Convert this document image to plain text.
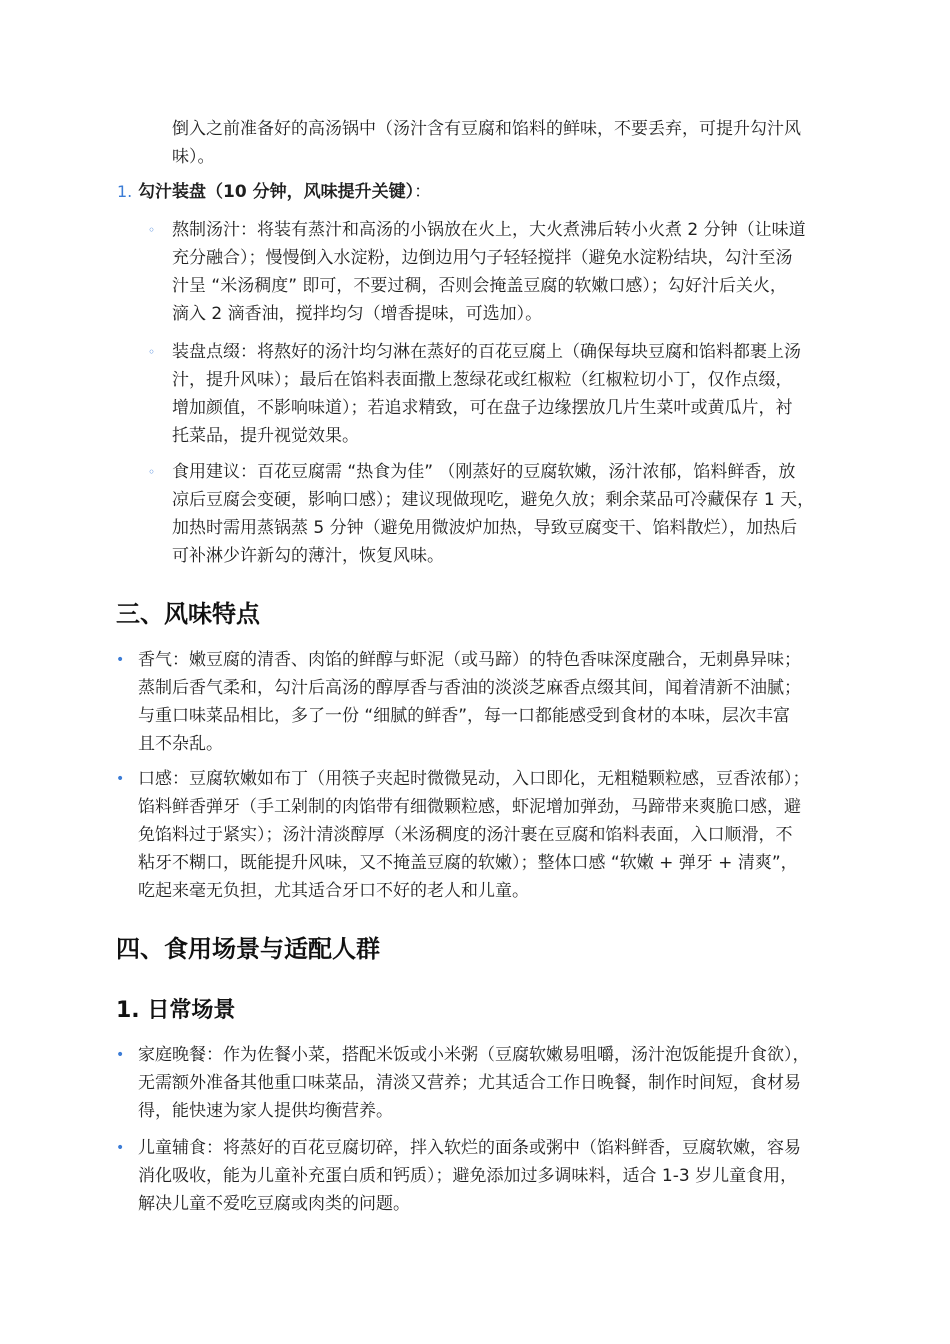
倒入之前准备好的高汤锅中（汤汁含有豆腐和馅料的鲜味，不要丢弃，可提升勾汁风
味）。
1. 勾汁装盘（10 分钟，风味提升关键）：
◦ 熬制汤汁：将装有蒸汁和高汤的小锅放在火上，大火煮沸后转小火煮 2 分钟（让味道
充分融合）；慢慢倒入水淀粉，边倒边用勺子轻轻搅拌（避免水淀粉结块，勾汁至汤
汁呈 “米汤稠度” 即可，不要过稠，否则会掩盖豆腐的软嫩口感）；勾好汁后关火，
滴入 2 滴香油，搅拌均匀（增香提味，可选加）。
◦ 装盘点缀：将熬好的汤汁均匀淋在蒸好的百花豆腐上（确保每块豆腐和馅料都裹上汤
汁，提升风味）；最后在馅料表面撒上葱绿花或红椒粒（红椒粒切小丁，仅作点缀，
增加颜值，不影响味道）；若追求精致，可在盘子边缘摆放几片生菜叶或黄瓜片，衬
托菜品，提升视觉效果。
◦ 食用建议：百花豆腐需 “热食为佳” （刚蒸好的豆腐软嫩，汤汁浓郁，馅料鲜香，放
凉后豆腐会变硬，影响口感）；建议现做现吃，避免久放；剩余菜品可冷藏保存 1 天，
加热时需用蒸锅蒸 5 分钟（避免用微波炉加热，导致豆腐变干、馅料散烂），加热后
可补淋少许新勾的薄汁，恢复风味。
三、风味特点
• 香气：嫩豆腐的清香、肉馅的鲜醇与虾泥（或马蹄）的特色香味深度融合，无刺鼻异味；
蒸制后香气柔和，勾汁后高汤的醇厚香与香油的淡淡芝麻香点缀其间，闻着清新不油腻；
与重口味菜品相比，多了一份 “细腻的鲜香”，每一口都能感受到食材的本味，层次丰富
且不杂乱。
• 口感：豆腐软嫩如布丁（用筷子夹起时微微晃动，入口即化，无粗糙颗粒感，豆香浓郁）；
馅料鲜香弹牙（手工剁制的肉馅带有细微颗粒感，虾泥增加弹劲，马蹄带来爽脆口感，避
免馅料过于紧实）；汤汁清淡醇厚（米汤稠度的汤汁裹在豆腐和馅料表面，入口顺滑，不
粘牙不糊口，既能提升风味，又不掩盖豆腐的软嫩）；整体口感 “软嫩 + 弹牙 + 清爽”，
吃起来毫无负担，尤其适合牙口不好的老人和儿童。
四、食用场景与适配人群
1. 日常场景
• 家庭晚餐：作为佐餐小菜，搭配米饭或小米粥（豆腐软嫩易咀嚼，汤汁泡饭能提升食欲），
无需额外准备其他重口味菜品，清淡又营养；尤其适合工作日晚餐，制作时间短，食材易
得，能快速为家人提供均衡营养。
• 儿童辅食：将蒸好的百花豆腐切碎，拌入软烂的面条或粥中（馅料鲜香，豆腐软嫩，容易
消化吸收，能为儿童补充蛋白质和钙质）；避免添加过多调味料，适合 1-3 岁儿童食用，
解决儿童不爱吃豆腐或肉类的问题。
